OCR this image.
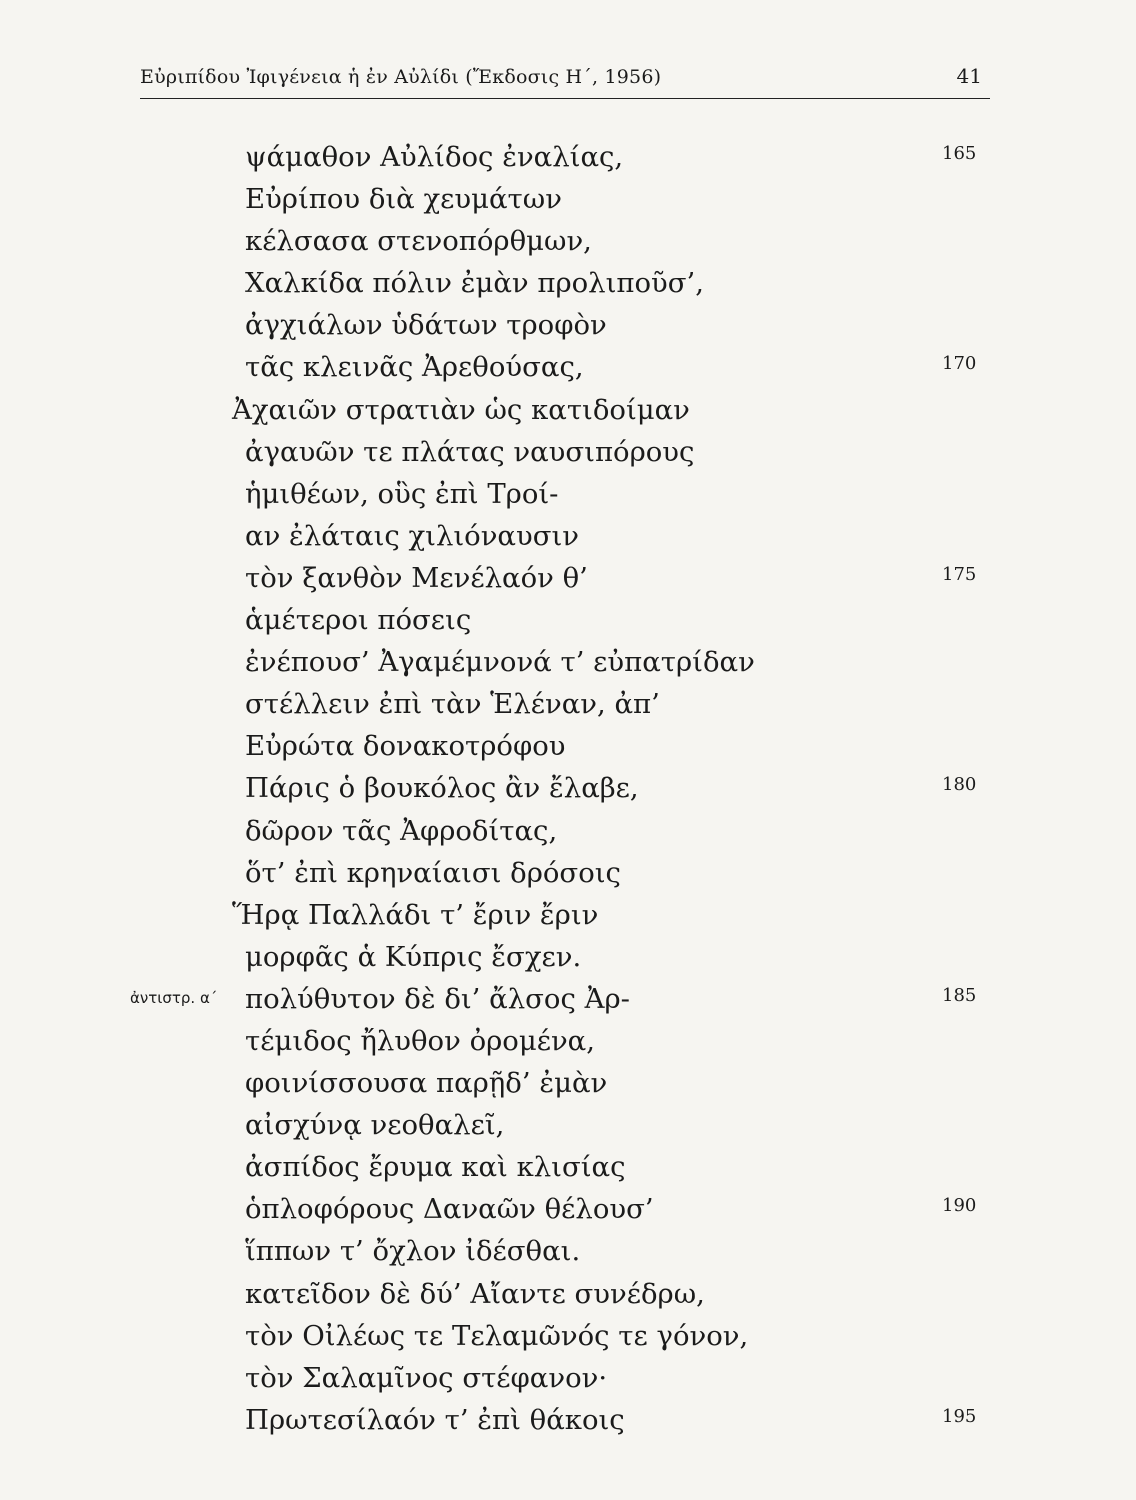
Εὐριπίδου Ἰφιγένεια ἡ ἐν Αὐλίδι (Ἔκδοσις Η΄, 1956)	41
ψάμαθον Αὐλίδος ἐναλίας,	165
Εὐρίπου διὰ χευμάτων
κέλσασα στενοπόρθμων,
Χαλκίδα πόλιν ἐμὰν προλιποῦσ’,
ἀγχιάλων ὑδάτων τροφὸν
τᾶς κλεινᾶς Ἀρεθούσας,	170
Ἀχαιῶν στρατιὰν ὡς κατιδοίμαν
ἀγαυῶν τε πλάτας ναυσιπόρους
ἡμιθέων, οὓς ἐπὶ Τροί-
αν ἐλάταις χιλιόναυσιν
τὸν ξανθὸν Μενέλαόν θ’	175
ἁμέτεροι πόσεις
ἐνέπουσ’ Ἀγαμέμνονά τ’ εὐπατρίδαν
στέλλειν ἐπὶ τὰν Ἑλέναν, ἀπ’
Εὐρώτα δονακοτρόφου
Πάρις ὁ βουκόλος ἂν ἔλαβε,	180
δῶρον τᾶς Ἀφροδίτας,
ὅτ’ ἐπὶ κρηναίαισι δρόσοις
Ἥρᾳ Παλλάδι τ’ ἔριν ἔριν
μορφᾶς ἁ Κύπρις ἔσχεν.
ἀντιστρ. α΄ πολύθυτον δὲ δι’ ἄλσος Ἀρ-	185
τέμιδος ἤλυθον ὀρομένα,
φοινίσσουσα παρῇδ’ ἐμὰν
αἰσχύνᾳ νεοθαλεῖ,
ἀσπίδος ἔρυμα καὶ κλισίας
ὁπλοφόρους Δαναῶν θέλουσ’	190
ἵππων τ’ ὄχλον ἰδέσθαι.
κατεῖδον δὲ δύ’ Αἴαντε συνέδρω,
τὸν Οἰλέως τε Τελαμῶνός τε γόνον,
τὸν Σαλαμῖνος στέφανον·
Πρωτεσίλαόν τ’ ἐπὶ θάκοις	195
